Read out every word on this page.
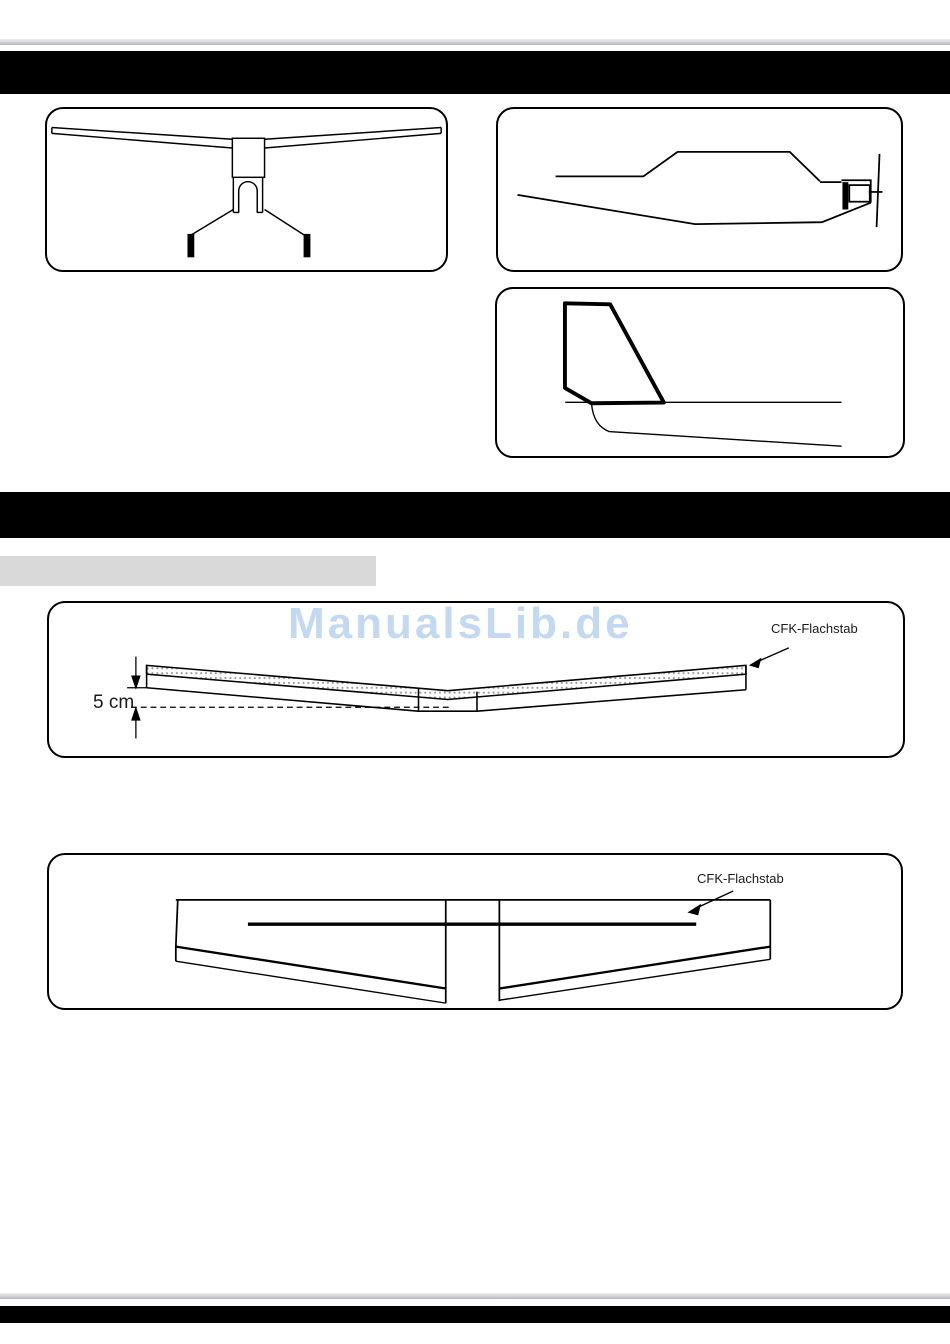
ManualsLib.de
5 cm
CFK-Flachstab
CFK-Flachstab
